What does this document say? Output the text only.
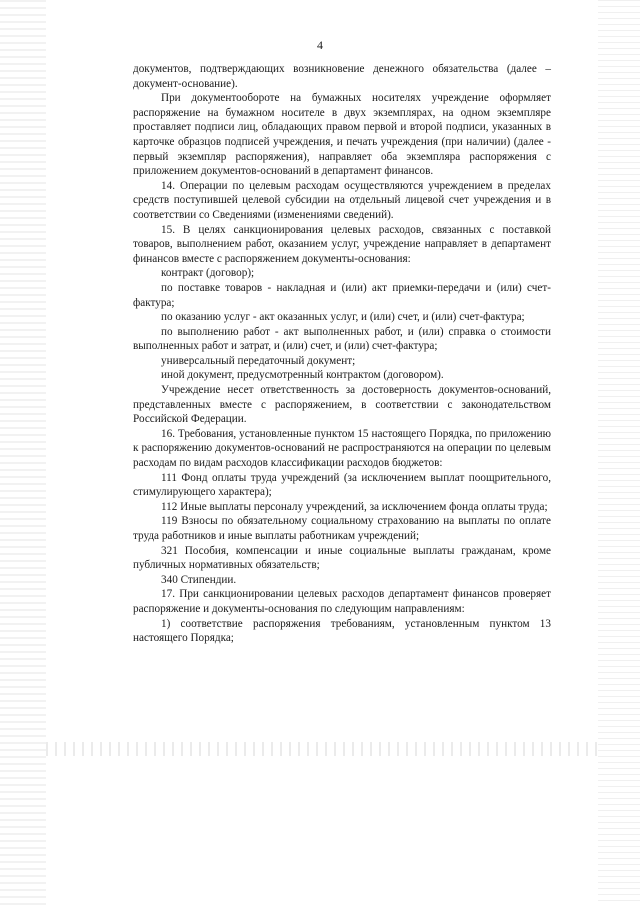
4

документов, подтверждающих возникновение денежного обязательства (далее – документ-основание).

При документообороте на бумажных носителях учреждение оформляет распоряжение на бумажном носителе в двух экземплярах, на одном экземпляре проставляет подписи лиц, обладающих правом первой и второй подписи, указанных в карточке образцов подписей учреждения, и печать учреждения (при наличии) (далее - первый экземпляр распоряжения), направляет оба экземпляра распоряжения с приложением документов-оснований в департамент финансов.

14. Операции по целевым расходам осуществляются учреждением в пределах средств поступившей целевой субсидии на отдельный лицевой счет учреждения и в соответствии со Сведениями (изменениями сведений).

15. В целях санкционирования целевых расходов, связанных с поставкой товаров, выполнением работ, оказанием услуг, учреждение направляет в департамент финансов вместе с распоряжением документы-основания:

контракт (договор);

по поставке товаров - накладная и (или) акт приемки-передачи и (или) счет-фактура;

по оказанию услуг - акт оказанных услуг, и (или) счет, и (или) счет-фактура;

по выполнению работ - акт выполненных работ, и (или) справка о стоимости выполненных работ и затрат, и (или) счет, и (или) счет-фактура;

универсальный передаточный документ;

иной документ, предусмотренный контрактом (договором).

Учреждение несет ответственность за достоверность документов-оснований, представленных вместе с распоряжением, в соответствии с законодательством Российской Федерации.

16. Требования, установленные пунктом 15 настоящего Порядка, по приложению к распоряжению документов-оснований не распространяются на операции по целевым расходам по видам расходов классификации расходов бюджетов:

111 Фонд оплаты труда учреждений (за исключением выплат поощрительного, стимулирующего характера);

112 Иные выплаты персоналу учреждений, за исключением фонда оплаты труда;

119 Взносы по обязательному социальному страхованию на выплаты по оплате труда работников и иные выплаты работникам учреждений;

321 Пособия, компенсации и иные социальные выплаты гражданам, кроме публичных нормативных обязательств;

340 Стипендии.

17. При санкционировании целевых расходов департамент финансов проверяет распоряжение и документы-основания по следующим направлениям:

1) соответствие распоряжения требованиям, установленным пунктом 13 настоящего Порядка;
